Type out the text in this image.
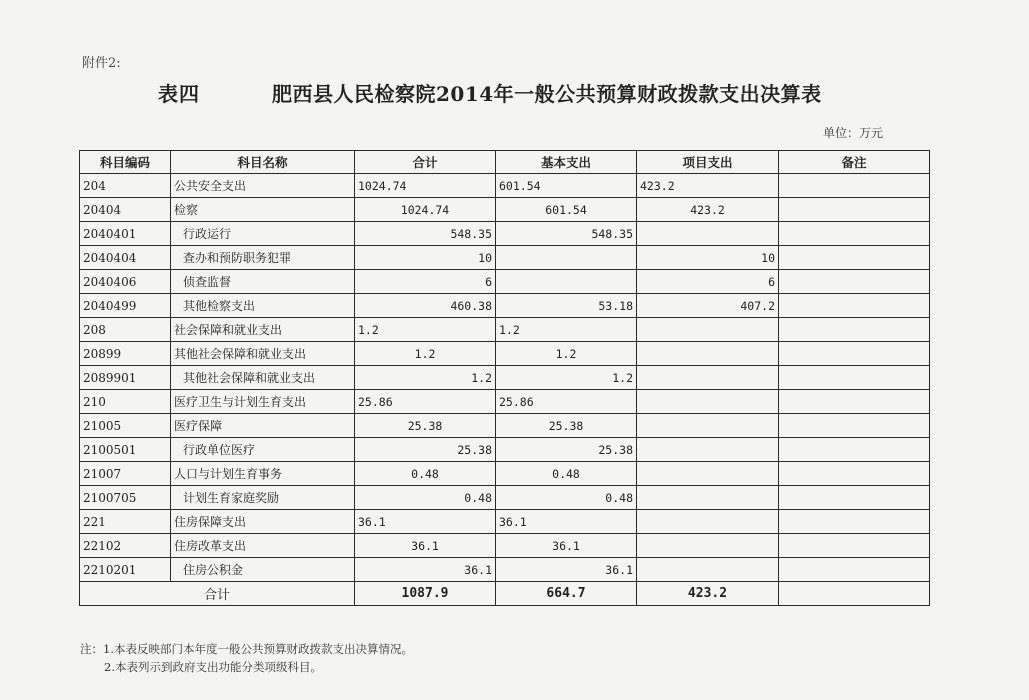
附件2:
表四	肥西县人民检察院2014年一般公共预算财政拨款支出决算表
单位：万元
科目编码	科目名称	合计	基本支出	项目支出	备注
204	公共安全支出	1024.74	601.54	423.2	
20404	检察	1024.74	601.54	423.2	
2040401	行政运行	548.35	548.35		
2040404	查办和预防职务犯罪	10		10	
2040406	侦查监督	6		6	
2040499	其他检察支出	460.38	53.18	407.2	
208	社会保障和就业支出	1.2	1.2		
20899	其他社会保障和就业支出	1.2	1.2		
2089901	其他社会保障和就业支出	1.2	1.2		
210	医疗卫生与计划生育支出	25.86	25.86		
21005	医疗保障	25.38	25.38		
2100501	行政单位医疗	25.38	25.38		
21007	人口与计划生育事务	0.48	0.48		
2100705	计划生育家庭奖励	0.48	0.48		
221	住房保障支出	36.1	36.1		
22102	住房改革支出	36.1	36.1		
2210201	住房公积金	36.1	36.1		
合计		1087.9	664.7	423.2	
注：1.本表反映部门本年度一般公共预算财政拨款支出决算情况。
2.本表列示到政府支出功能分类项级科目。
